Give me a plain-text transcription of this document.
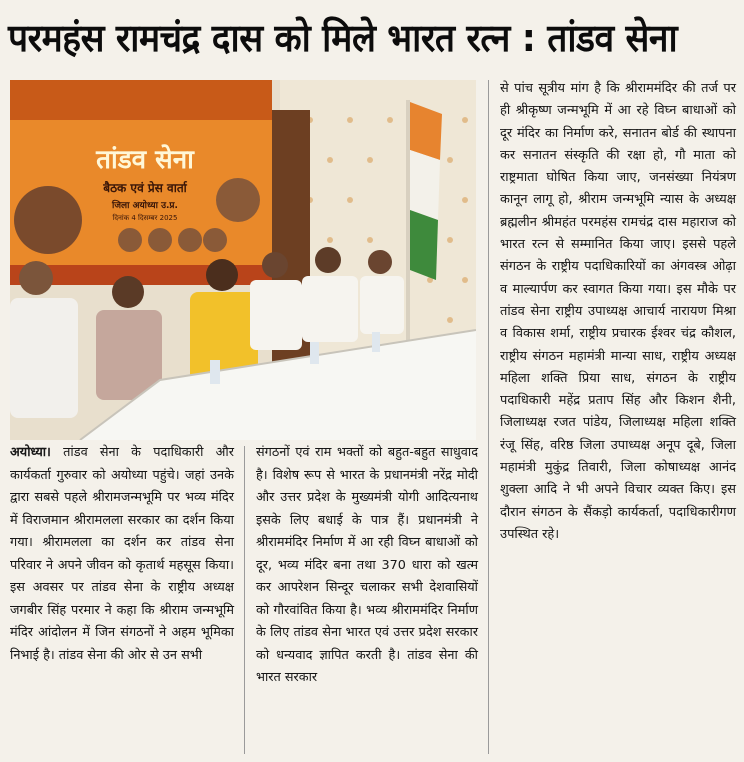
परमहंस रामचंद्र दास को मिले भारत रत्न : तांडव सेना
तांडव सेना
बैठक एवं प्रेस वार्ता
जिला अयोध्या उ.प्र.
दिनांक 4 दिसम्बर 2025

अयोध्या। तांडव सेना के पदाधिकारी और कार्यकर्ता गुरुवार को अयोध्या पहुंचे। जहां उनके द्वारा सबसे पहले श्रीरामजन्मभूमि पर भव्य मंदिर में विराजमान श्रीरामलला सरकार का दर्शन किया गया। श्रीरामलला का दर्शन कर तांडव सेना परिवार ने अपने जीवन को कृतार्थ महसूस किया। इस अवसर पर तांडव सेना के राष्ट्रीय अध्यक्ष जगबीर सिंह परमार ने कहा कि श्रीराम जन्मभूमि मंदिर आंदोलन में जिन संगठनों ने अहम भूमिका निभाई है। तांडव सेना की ओर से उन सभी

संगठनों एवं राम भक्तों को बहुत-बहुत साधुवाद है। विशेष रूप से भारत के प्रधानमंत्री नरेंद्र मोदी और उत्तर प्रदेश के मुख्यमंत्री योगी आदित्यनाथ इसके लिए बधाई के पात्र हैं। प्रधानमंत्री ने श्रीराममंदिर निर्माण में आ रही विघ्न बाधाओं को दूर, भव्य मंदिर बना तथा 370 धारा को खत्म कर आपरेशन सिन्दूर चलाकर सभी देशवासियों को गौरवांवित किया है। भव्य श्रीराममंदिर निर्माण के लिए तांडव सेना भारत एवं उत्तर प्रदेश सरकार को धन्यवाद ज्ञापित करती है। तांडव सेना की भारत सरकार

से पांच सूत्रीय मांग है कि श्रीराममंदिर की तर्ज पर ही श्रीकृष्ण जन्मभूमि में आ रहे विघ्न बाधाओं को दूर मंदिर का निर्माण करे, सनातन बोर्ड की स्थापना कर सनातन संस्कृति की रक्षा हो, गौ माता को राष्ट्रमाता घोषित किया जाए, जनसंख्या नियंत्रण कानून लागू हो, श्रीराम जन्मभूमि न्यास के अध्यक्ष ब्रह्मलीन श्रीमहंत परमहंस रामचंद्र दास महाराज को भारत रत्न से सम्मानित किया जाए। इससे पहले संगठन के राष्ट्रीय पदाधिकारियों का अंगवस्त्र ओढ़ा व माल्यार्पण कर स्वागत किया गया। इस मौके पर तांडव सेना राष्ट्रीय उपाध्यक्ष आचार्य नारायण मिश्रा व विकास शर्मा, राष्ट्रीय प्रचारक ईश्वर चंद्र कौशल, राष्ट्रीय संगठन महामंत्री मान्या साध, राष्ट्रीय अध्यक्ष महिला शक्ति प्रिया साध, संगठन के राष्ट्रीय पदाधिकारी महेंद्र प्रताप सिंह और किशन शैनी, जिलाध्यक्ष रजत पांडेय, जिलाध्यक्ष महिला शक्ति रंजू सिंह, वरिष्ठ जिला उपाध्यक्ष अनूप दूबे, जिला महामंत्री मुकुंद्र तिवारी, जिला कोषाध्यक्ष आनंद शुक्ला आदि ने भी अपने विचार व्यक्त किए। इस दौरान संगठन के सैंकड़ो कार्यकर्ता, पदाधिकारीगण उपस्थित रहे।
